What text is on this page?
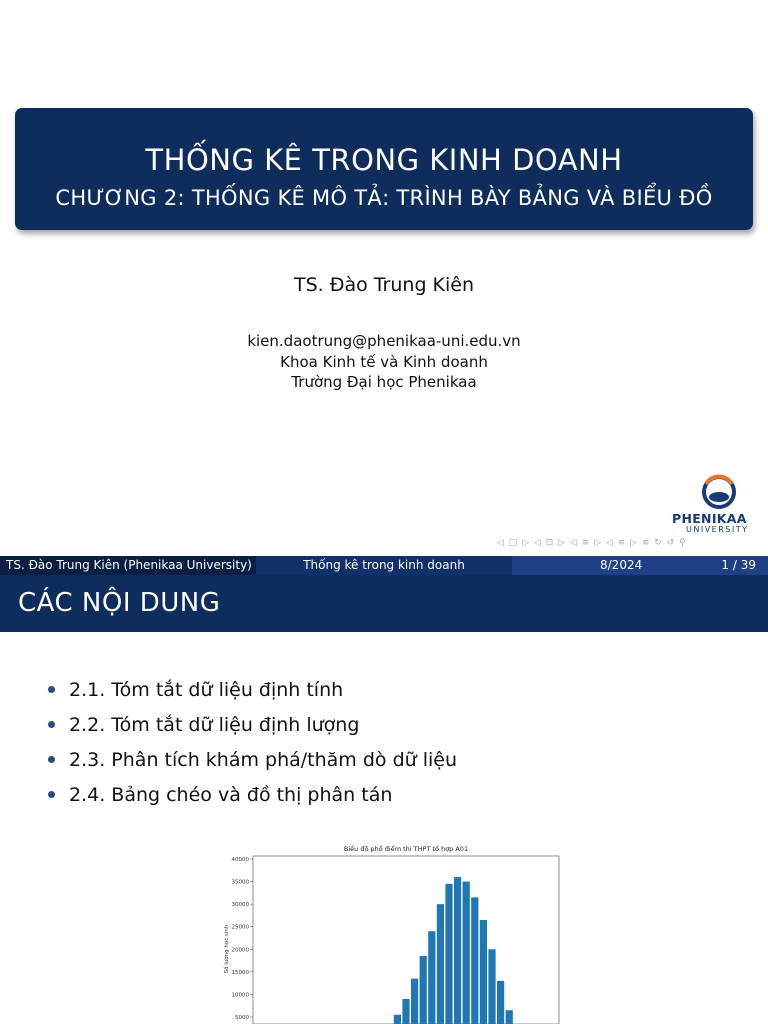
THỐNG KÊ TRONG KINH DOANH
CHƯƠNG 2: THỐNG KÊ MÔ TẢ: TRÌNH BÀY BẢNG VÀ BIỂU ĐỒ
TS. Đào Trung Kiên
kien.daotrung@phenikaa-uni.edu.vn
Khoa Kinh tế và Kinh doanh
Trường Đại học Phenikaa
PHENIKAA
UNIVERSITY
◁ □ ▷ ◁ ⊡ ▷ ◁ ≡ ▷ ◁ ≡ ▷ ≡ ↻ ↺ ⚲
TS. Đào Trung Kiên (Phenikaa University)	Thống kê trong kinh doanh	8/2024	1 / 39
CÁC NỘI DUNG
2.1. Tóm tắt dữ liệu định tính
2.2. Tóm tắt dữ liệu định lượng
2.3. Phân tích khám phá/thăm dò dữ liệu
2.4. Bảng chéo và đồ thị phân tán
Biểu đồ phổ điểm thi THPT tổ hợp A01
Số lượng học sinh
5000
10000
15000
20000
25000
30000
35000
40000
